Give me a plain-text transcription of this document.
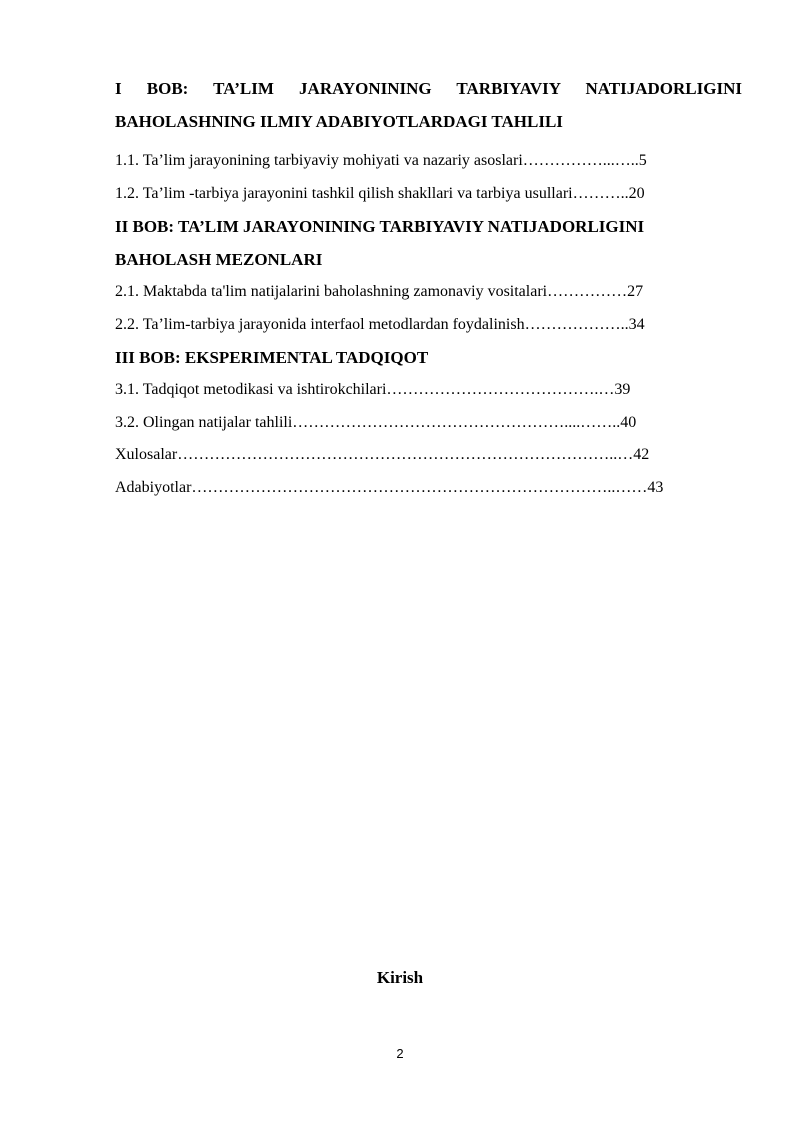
I BOB: TA’LIM JARAYONINING TARBIYAVIY NATIJADORLIGINI
BAHOLASHNING ILMIY ADABIYOTLARDAGI TAHLILI

1.1. Ta’lim jarayonining tarbiyaviy mohiyati va nazariy asoslari……………...…..5
1.2. Ta’lim -tarbiya jarayonini tashkil qilish shakllari va tarbiya usullari………..20

II BOB: TA’LIM JARAYONINING TARBIYAVIY NATIJADORLIGINI
BAHOLASH MEZONLARI

2.1. Maktabda ta'lim natijalarini baholashning zamonaviy vositalari……………27
2.2. Ta’lim-tarbiya jarayonida interfaol metodlardan foydalinish………………..34

III BOB: EKSPERIMENTAL TADQIQOT

3.1. Tadqiqot metodikasi va ishtirokchilari………………………………….…39
3.2. Olingan natijalar tahlili……………………………………………....……..40
Xulosalar………………………………………………………………………..…42
Adabiyotlar……………………………………………………………………..……43

Kirish

2
